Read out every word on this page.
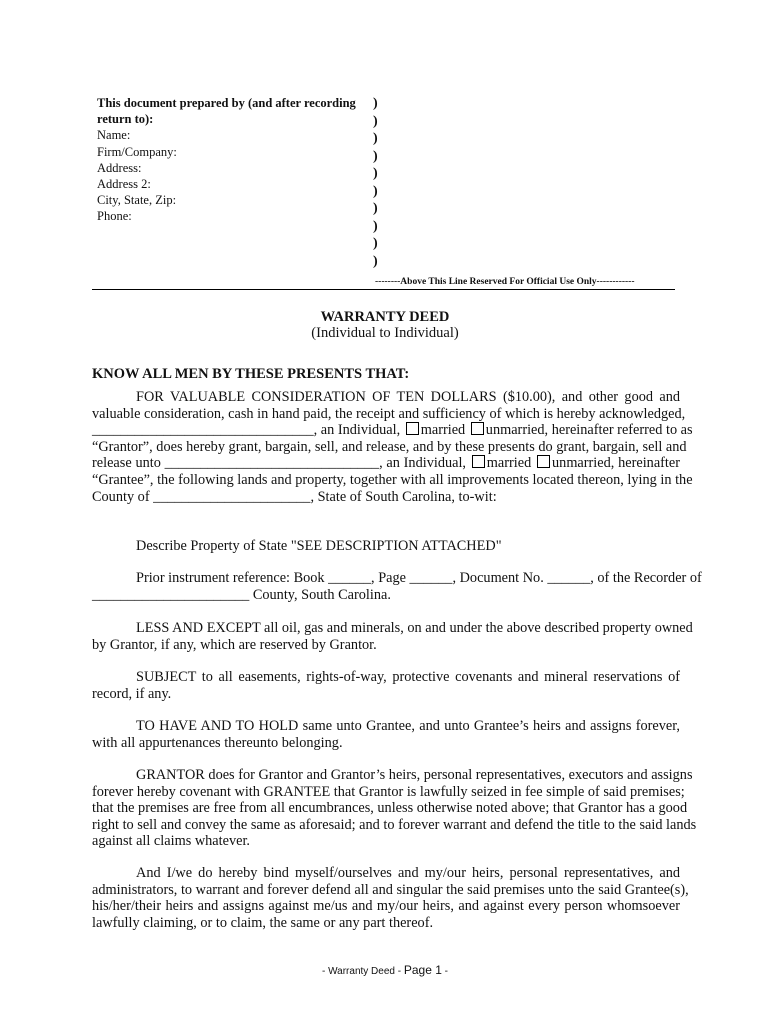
This document prepared by (and after recording
return to):
Name:
Firm/Company:
Address:
Address 2:
City, State, Zip:
Phone:
)
)
)
)
)
)
)
)
)
)
--------Above This Line Reserved For Official Use Only------------
WARRANTY DEED
(Individual to Individual)
KNOW ALL MEN BY THESE PRESENTS THAT:
FOR VALUABLE CONSIDERATION OF TEN DOLLARS ($10.00), and other good and
valuable consideration, cash in hand paid, the receipt and sufficiency of which is hereby acknowledged,
_______________________________, an Individual, married unmarried, hereinafter referred to as
“Grantor”, does hereby grant, bargain, sell, and release, and by these presents do grant, bargain, sell and
release unto ______________________________, an Individual, married unmarried, hereinafter
“Grantee”, the following lands and property, together with all improvements located thereon, lying in the
County of ______________________, State of South Carolina, to-wit:
Describe Property of State "SEE DESCRIPTION ATTACHED"
Prior instrument reference: Book ______, Page ______, Document No. ______, of the Recorder of
______________________ County, South Carolina.
LESS AND EXCEPT all oil, gas and minerals, on and under the above described property owned
by Grantor, if any, which are reserved by Grantor.
SUBJECT to all easements, rights-of-way, protective covenants and mineral reservations of
record, if any.
TO HAVE AND TO HOLD same unto Grantee, and unto Grantee’s heirs and assigns forever,
with all appurtenances thereunto belonging.
GRANTOR does for Grantor and Grantor’s heirs, personal representatives, executors and assigns
forever hereby covenant with GRANTEE that Grantor is lawfully seized in fee simple of said premises;
that the premises are free from all encumbrances, unless otherwise noted above; that Grantor has a good
right to sell and convey the same as aforesaid; and to forever warrant and defend the title to the said lands
against all claims whatever.
And I/we do hereby bind myself/ourselves and my/our heirs, personal representatives, and
administrators, to warrant and forever defend all and singular the said premises unto the said Grantee(s),
his/her/their heirs and assigns against me/us and my/our heirs, and against every person whomsoever
lawfully claiming, or to claim, the same or any part thereof.
- Warranty Deed - Page 1 -
